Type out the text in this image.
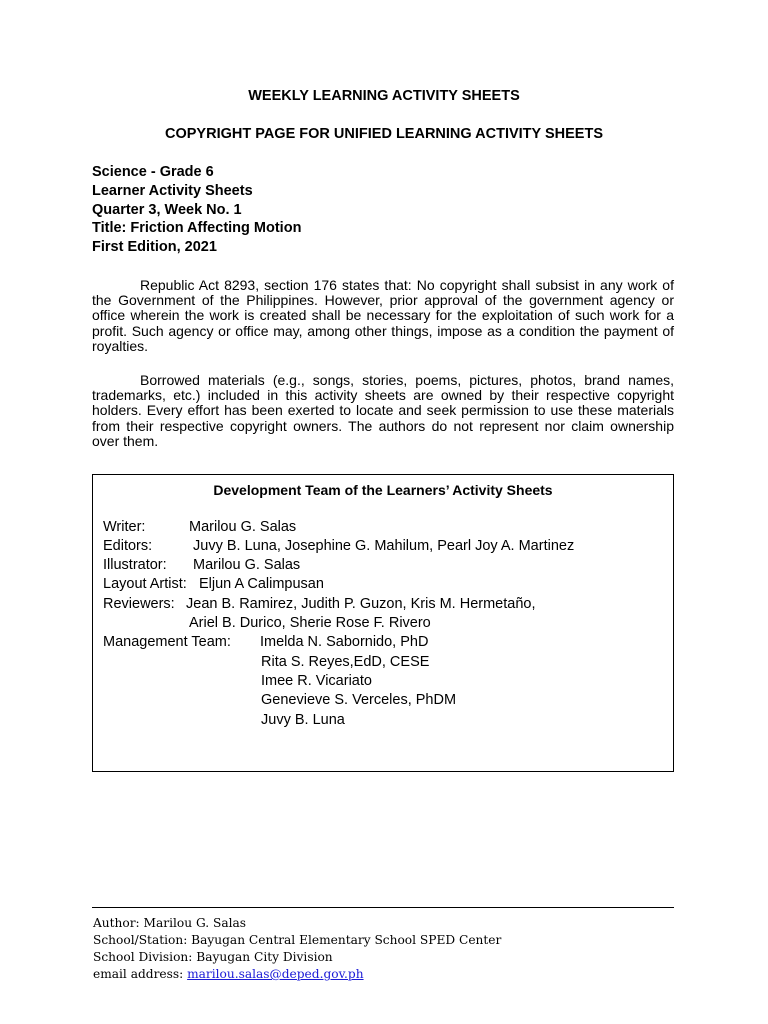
WEEKLY LEARNING ACTIVITY SHEETS
COPYRIGHT PAGE FOR UNIFIED LEARNING ACTIVITY SHEETS
Science - Grade 6
Learner Activity Sheets
Quarter 3, Week No. 1
Title: Friction Affecting Motion
First Edition, 2021

Republic Act 8293, section 176 states that: No copyright shall subsist in any work of the Government of the Philippines. However, prior approval of the government agency or office wherein the work is created shall be necessary for the exploitation of such work for a profit. Such agency or office may, among other things, impose as a condition the payment of royalties.

Borrowed materials (e.g., songs, stories, poems, pictures, photos, brand names, trademarks, etc.) included in this activity sheets are owned by their respective copyright holders. Every effort has been exerted to locate and seek permission to use these materials from their respective copyright owners. The authors do not represent nor claim ownership over them.

Development Team of the Learners’ Activity Sheets
Writer:	Marilou G. Salas
Editors:	Juvy B. Luna, Josephine G. Mahilum, Pearl Joy A. Martinez
Illustrator: Marilou G. Salas
Layout Artist: Eljun A Calimpusan
Reviewers: Jean B. Ramirez, Judith P. Guzon, Kris M. Hermetaño,
Ariel B. Durico, Sherie Rose F. Rivero
Management Team: Imelda N. Sabornido, PhD
Rita S. Reyes,EdD, CESE
Imee R. Vicariato
Genevieve S. Verceles, PhDM
Juvy B. Luna
Author: Marilou G. Salas
School/Station: Bayugan Central Elementary School SPED Center
School Division: Bayugan City Division
email address: marilou.salas@deped.gov.ph
